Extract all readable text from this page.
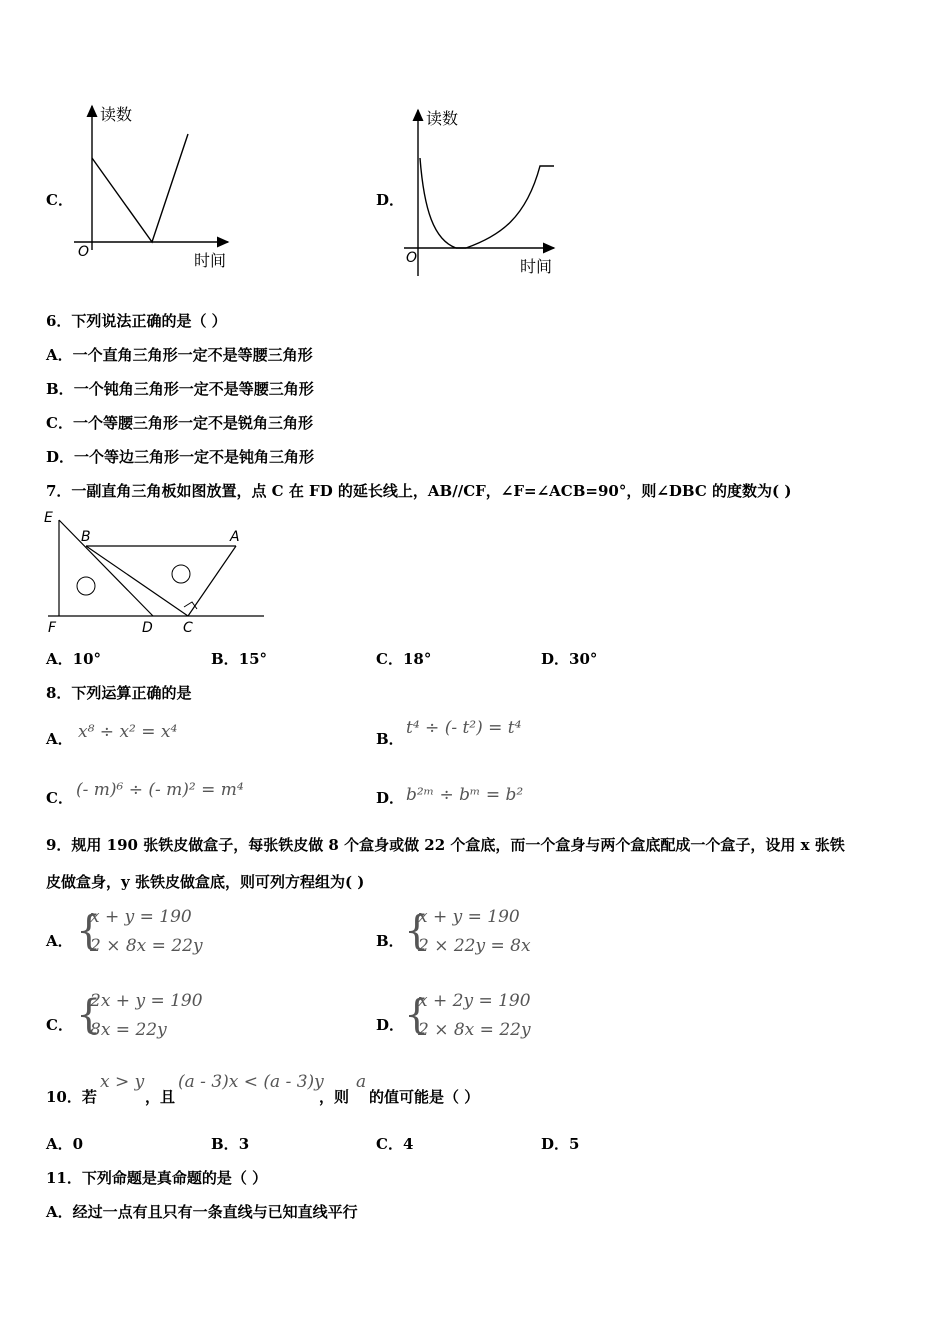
C．
读数
时间
O
D．
读数
时间
O
6．下列说法正确的是（ ）
A．一个直角三角形一定不是等腰三角形
B．一个钝角三角形一定不是等腰三角形
C．一个等腰三角形一定不是锐角三角形
D．一个等边三角形一定不是钝角三角形
7．一副直角三角板如图放置，点 C 在 FD 的延长线上，AB//CF，∠F=∠ACB=90°，则∠DBC 的度数为( )
E
B	A
F	D C
A．10°	B．15°	C．18°	D．30°
8．下列运算正确的是
A． x⁸ ÷ x² = x⁴	B．
t⁴ ÷ (- t²) = t⁴
C． (- m)⁶ ÷ (- m)² = m⁴	D． b²ᵐ ÷ bᵐ = b²
9．规用 190 张铁皮做盒子，每张铁皮做 8 个盒身或做 22 个盒底，而一个盒身与两个盒底配成一个盒子，设用 x 张铁
皮做盒身，y 张铁皮做盒底，则可列方程组为( )
A． {
x + y = 190
2 × 8x = 22y	B． {
x + y = 190
2 × 22y = 8x
C． {
2x + y = 190
8x = 22y	D． {
x + 2y = 190
2 × 8x = 22y
10．若
x > y
，且
(a - 3)x < (a - 3)y
，则
a
的值可能是（ ）
A．0	B．3	C．4	D．5
11．下列命题是真命题的是（ ）
A．经过一点有且只有一条直线与已知直线平行
